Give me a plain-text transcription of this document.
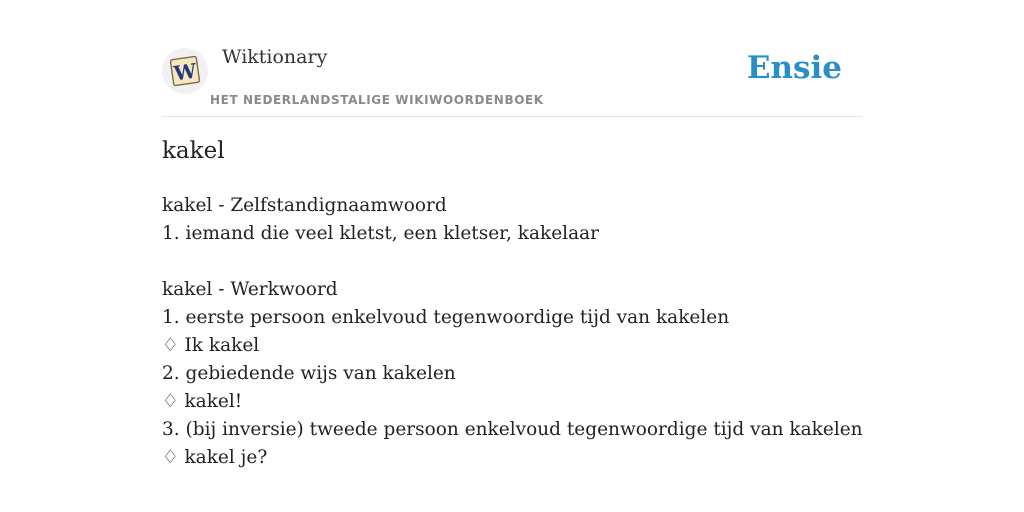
W
Wiktionary
HET NEDERLANDSTALIGE WIKIWOORDENBOEK
Ensie
kakel
kakel - Zelfstandignaamwoord
1. iemand die veel kletst, een kletser, kakelaar
kakel - Werkwoord
1. eerste persoon enkelvoud tegenwoordige tijd van kakelen
♢ Ik kakel
2. gebiedende wijs van kakelen
♢ kakel!
3. (bij inversie) tweede persoon enkelvoud tegenwoordige tijd van kakelen
♢ kakel je?
